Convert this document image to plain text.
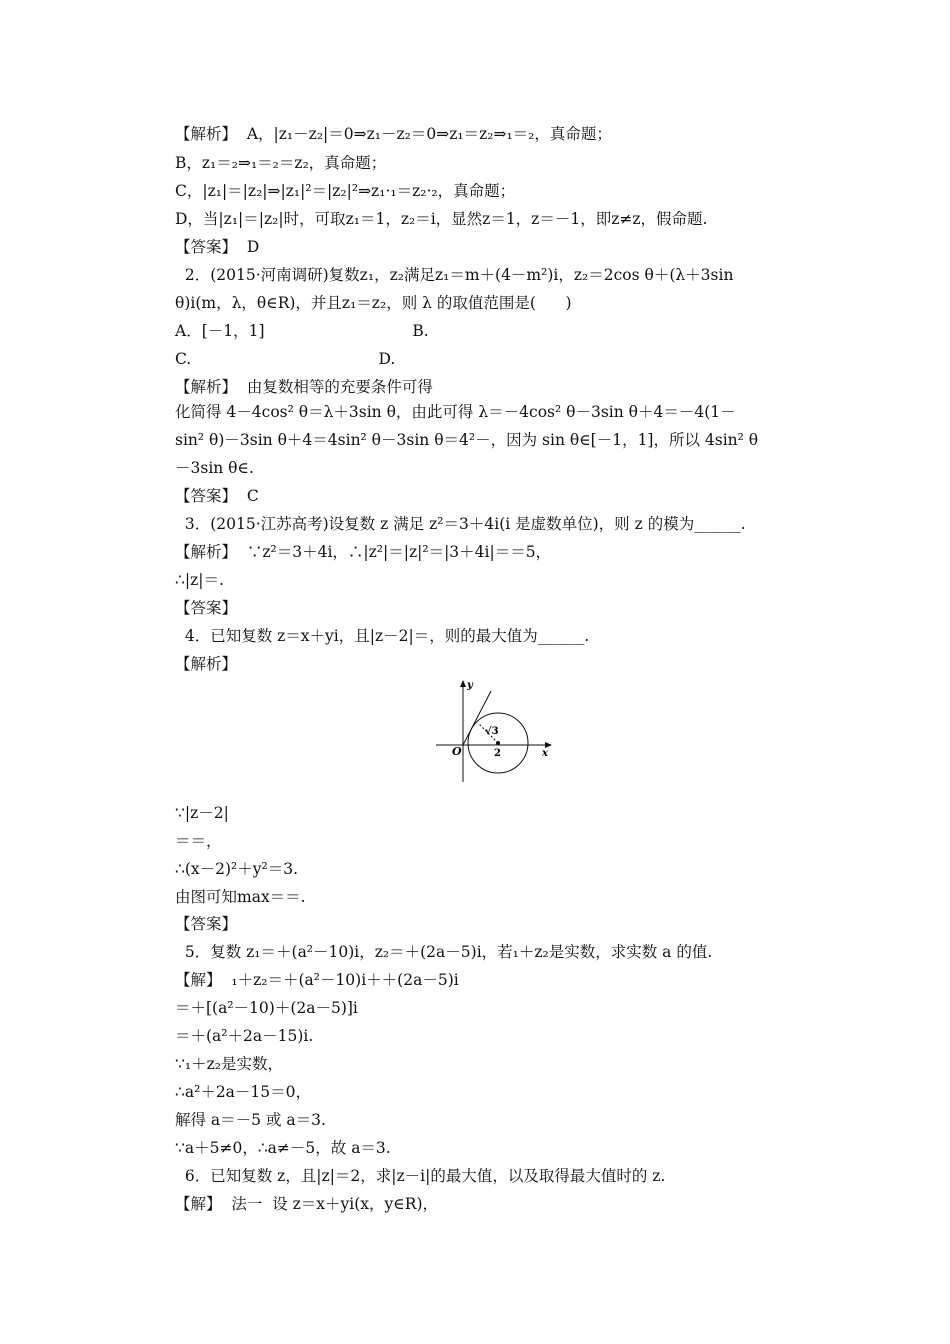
【解析】  A，|z₁－z₂|＝0⇒z₁－z₂＝0⇒z₁＝z₂⇒₁＝₂，真命题；

B，z₁＝₂⇒₁＝₂＝z₂，真命题；

C，|z₁|＝|z₂|⇒|z₁|²＝|z₂|²⇒z₁·₁＝z₂·₂，真命题；

D，当|z₁|＝|z₂|时，可取z₁＝1，z₂＝i，显然z＝1，z＝－1，即z≠z，假命题.

【答案】  D

2．(2015·河南调研)复数z₁，z₂满足z₁＝m＋(4－m²)i，z₂＝2cos θ＋(λ＋3sin

θ)i(m，λ，θ∈R)，并且z₁＝z₂，则 λ 的取值范围是(      )

A．[－1，1]                              B.

C.                                      D.

【解析】  由复数相等的充要条件可得

化简得 4－4cos² θ＝λ＋3sin θ，由此可得 λ＝－4cos² θ－3sin θ＋4＝－4(1－

sin² θ)－3sin θ＋4＝4sin² θ－3sin θ＝4²－，因为 sin θ∈[－1，1]，所以 4sin² θ

－3sin θ∈.

【答案】  C

3．(2015·江苏高考)设复数 z 满足 z²＝3＋4i(i 是虚数单位)，则 z 的模为______.

【解析】  ∵z²＝3＋4i，∴|z²|＝|z|²＝|3＋4i|＝＝5，

∴|z|＝.

【答案】

4．已知复数 z＝x＋yi，且|z－2|＝，则的最大值为______.

【解析】

∵|z－2|

＝＝，

∴(x－2)²＋y²＝3.

由图可知max＝＝.

【答案】

5．复数 z₁＝＋(a²－10)i，z₂＝＋(2a－5)i，若₁＋z₂是实数，求实数 a 的值.

【解】  ₁＋z₂＝＋(a²－10)i＋＋(2a－5)i

＝＋[(a²－10)＋(2a－5)]i

＝＋(a²＋2a－15)i.

∵₁＋z₂是实数，

∴a²＋2a－15＝0，

解得 a＝－5 或 a＝3.

∵a＋5≠0，∴a≠－5，故 a＝3.

6．已知复数 z，且|z|＝2，求|z－i|的最大值，以及取得最大值时的 z.

【解】  法一  设 z＝x＋yi(x，y∈R)，

y
x
O	2
√3
